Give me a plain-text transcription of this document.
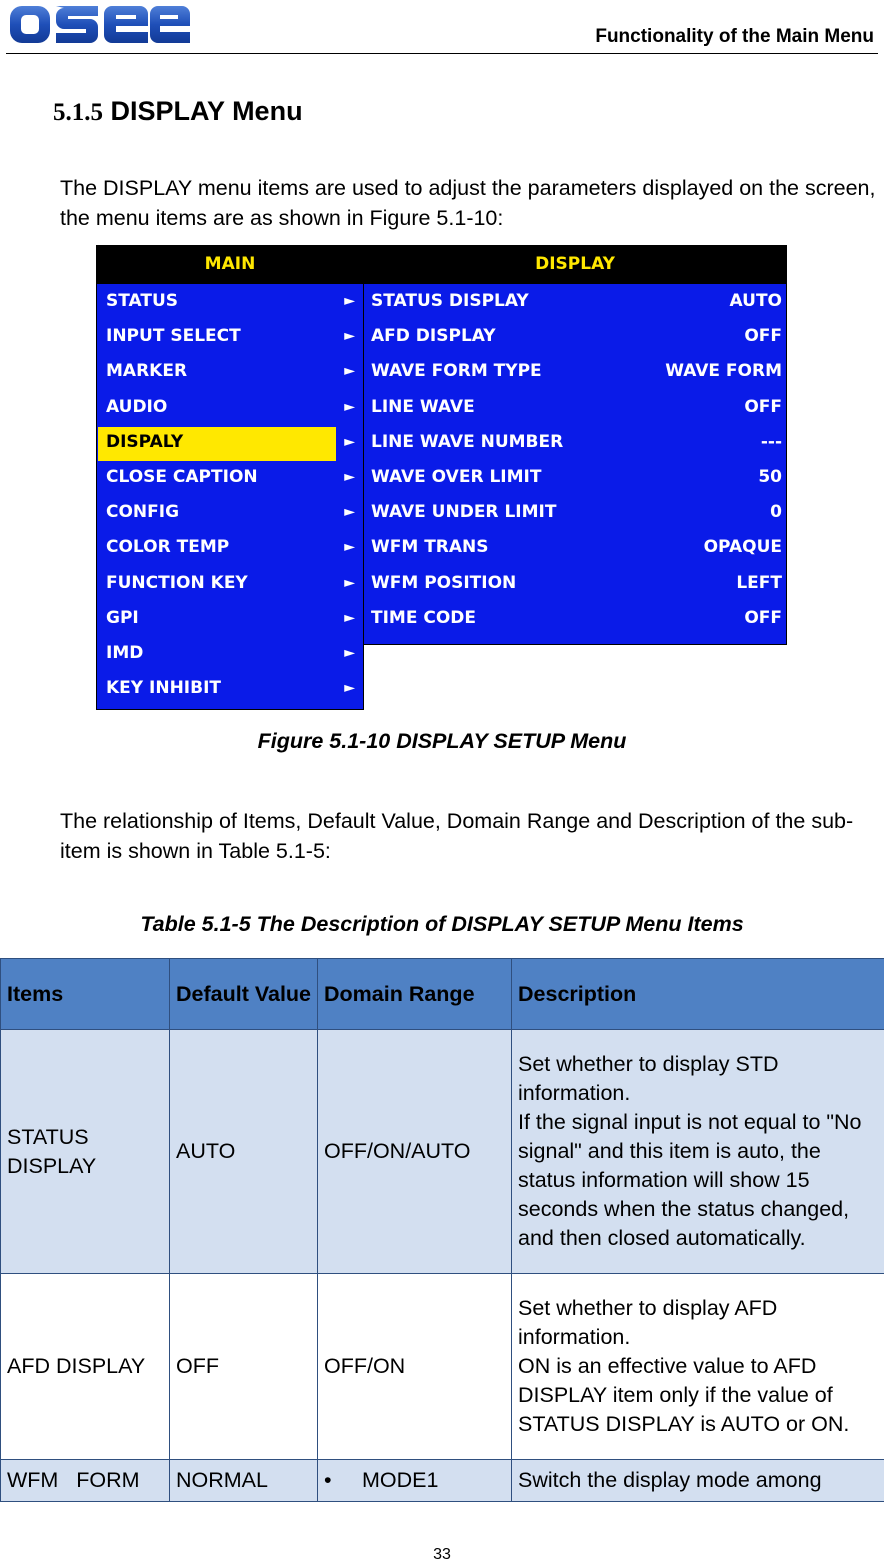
Functionality of the Main Menu
5.1.5 DISPLAY Menu
The DISPLAY menu items are used to adjust the parameters displayed on the screen, the menu items are as shown in Figure 5.1-10:
MAIN
STATUS	►
INPUT SELECT	►
MARKER	►
AUDIO	►
DISPALY	►
CLOSE CAPTION	►
CONFIG	►
COLOR TEMP	►
FUNCTION KEY	►
GPI	►
IMD	►
KEY INHIBIT	►
DISPLAY
STATUS DISPLAY	AUTO
AFD DISPLAY	OFF
WAVE FORM TYPE	WAVE FORM
LINE WAVE	OFF
LINE WAVE NUMBER	---
WAVE OVER LIMIT	50
WAVE UNDER LIMIT	0
WFM TRANS	OPAQUE
WFM POSITION	LEFT
TIME CODE	OFF
Figure 5.1-10 DISPLAY SETUP Menu
The relationship of Items, Default Value, Domain Range and Description of the sub-item is shown in Table 5.1-5:
Table 5.1-5 The Description of DISPLAY SETUP Menu Items
Items	Default Value	Domain Range	Description
STATUS DISPLAY	AUTO	OFF/ON/AUTO	Set whether to display STD information.
If the signal input is not equal to "No signal" and this item is auto, the status information will show 15 seconds when the status changed, and then closed automatically.

AFD DISPLAY	OFF	OFF/ON	Set whether to display AFD information.
ON is an effective value to AFD DISPLAY item only if the value of STATUS DISPLAY is AUTO or ON.

WFM   FORM	NORMAL	• MODE1	Switch the display mode among
33
